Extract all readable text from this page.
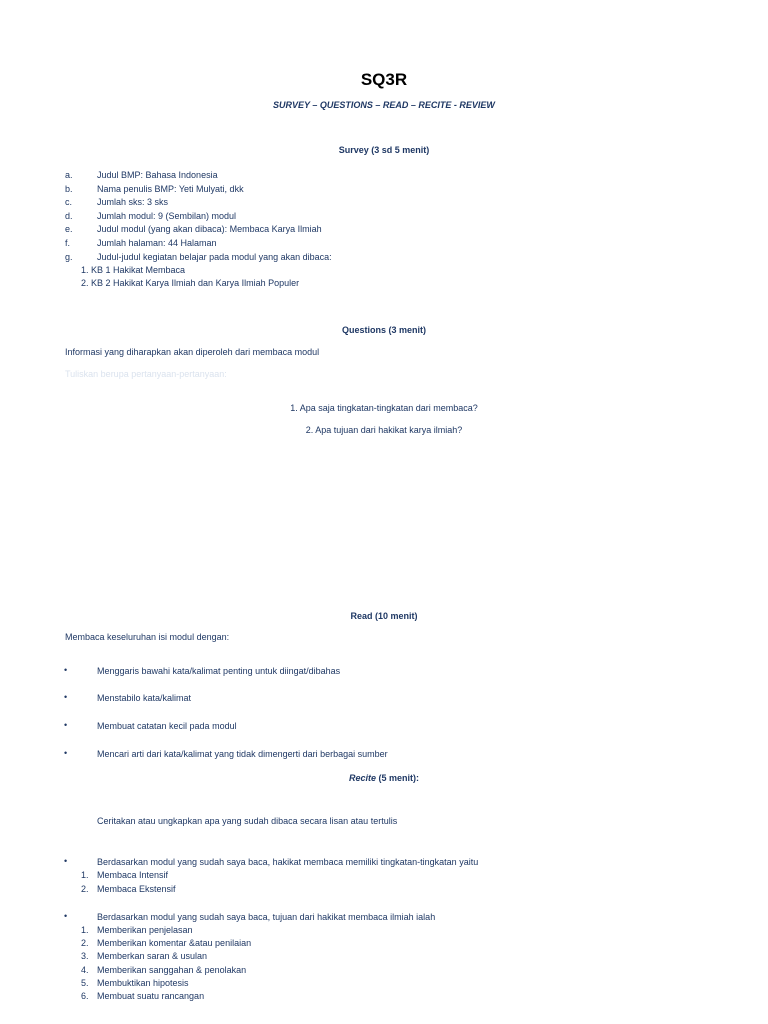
SQ3R
SURVEY – QUESTIONS – READ – RECITE - REVIEW
Survey (3 sd 5 menit)
a.	Judul BMP: Bahasa Indonesia
b.	Nama penulis BMP: Yeti Mulyati, dkk
c.	Jumlah sks: 3 sks
d.	Jumlah modul: 9 (Sembilan) modul
e.	Judul modul (yang akan dibaca): Membaca Karya Ilmiah
f.	Jumlah halaman: 44 Halaman
g.	Judul-judul kegiatan belajar pada modul yang akan dibaca:
1. KB 1 Hakikat Membaca
2. KB 2 Hakikat Karya Ilmiah dan Karya Ilmiah Populer
Questions (3 menit)
Informasi yang diharapkan akan diperoleh dari membaca modul
Tuliskan berupa pertanyaan-pertanyaan:
1. Apa saja tingkatan-tingkatan dari membaca?
2. Apa tujuan dari hakikat karya ilmiah?
Read (10 menit)
Membaca keseluruhan isi modul dengan:
•	Menggaris bawahi kata/kalimat penting untuk diingat/dibahas
•	Menstabilo kata/kalimat
•	Membuat catatan kecil pada modul
•	Mencari arti dari kata/kalimat yang tidak dimengerti dari berbagai sumber
Recite (5 menit):
Ceritakan atau ungkapkan apa yang sudah dibaca secara lisan atau tertulis
•	Berdasarkan modul yang sudah saya baca, hakikat membaca memiliki tingkatan-tingkatan yaitu
1. Membaca Intensif
2. Membaca Ekstensif
•	Berdasarkan modul yang sudah saya baca, tujuan dari hakikat membaca ilmiah ialah
1. Memberikan penjelasan
2. Memberikan komentar &atau penilaian
3. Memberkan saran & usulan
4. Memberikan sanggahan & penolakan
5. Membuktikan hipotesis
6. Membuat suatu rancangan
